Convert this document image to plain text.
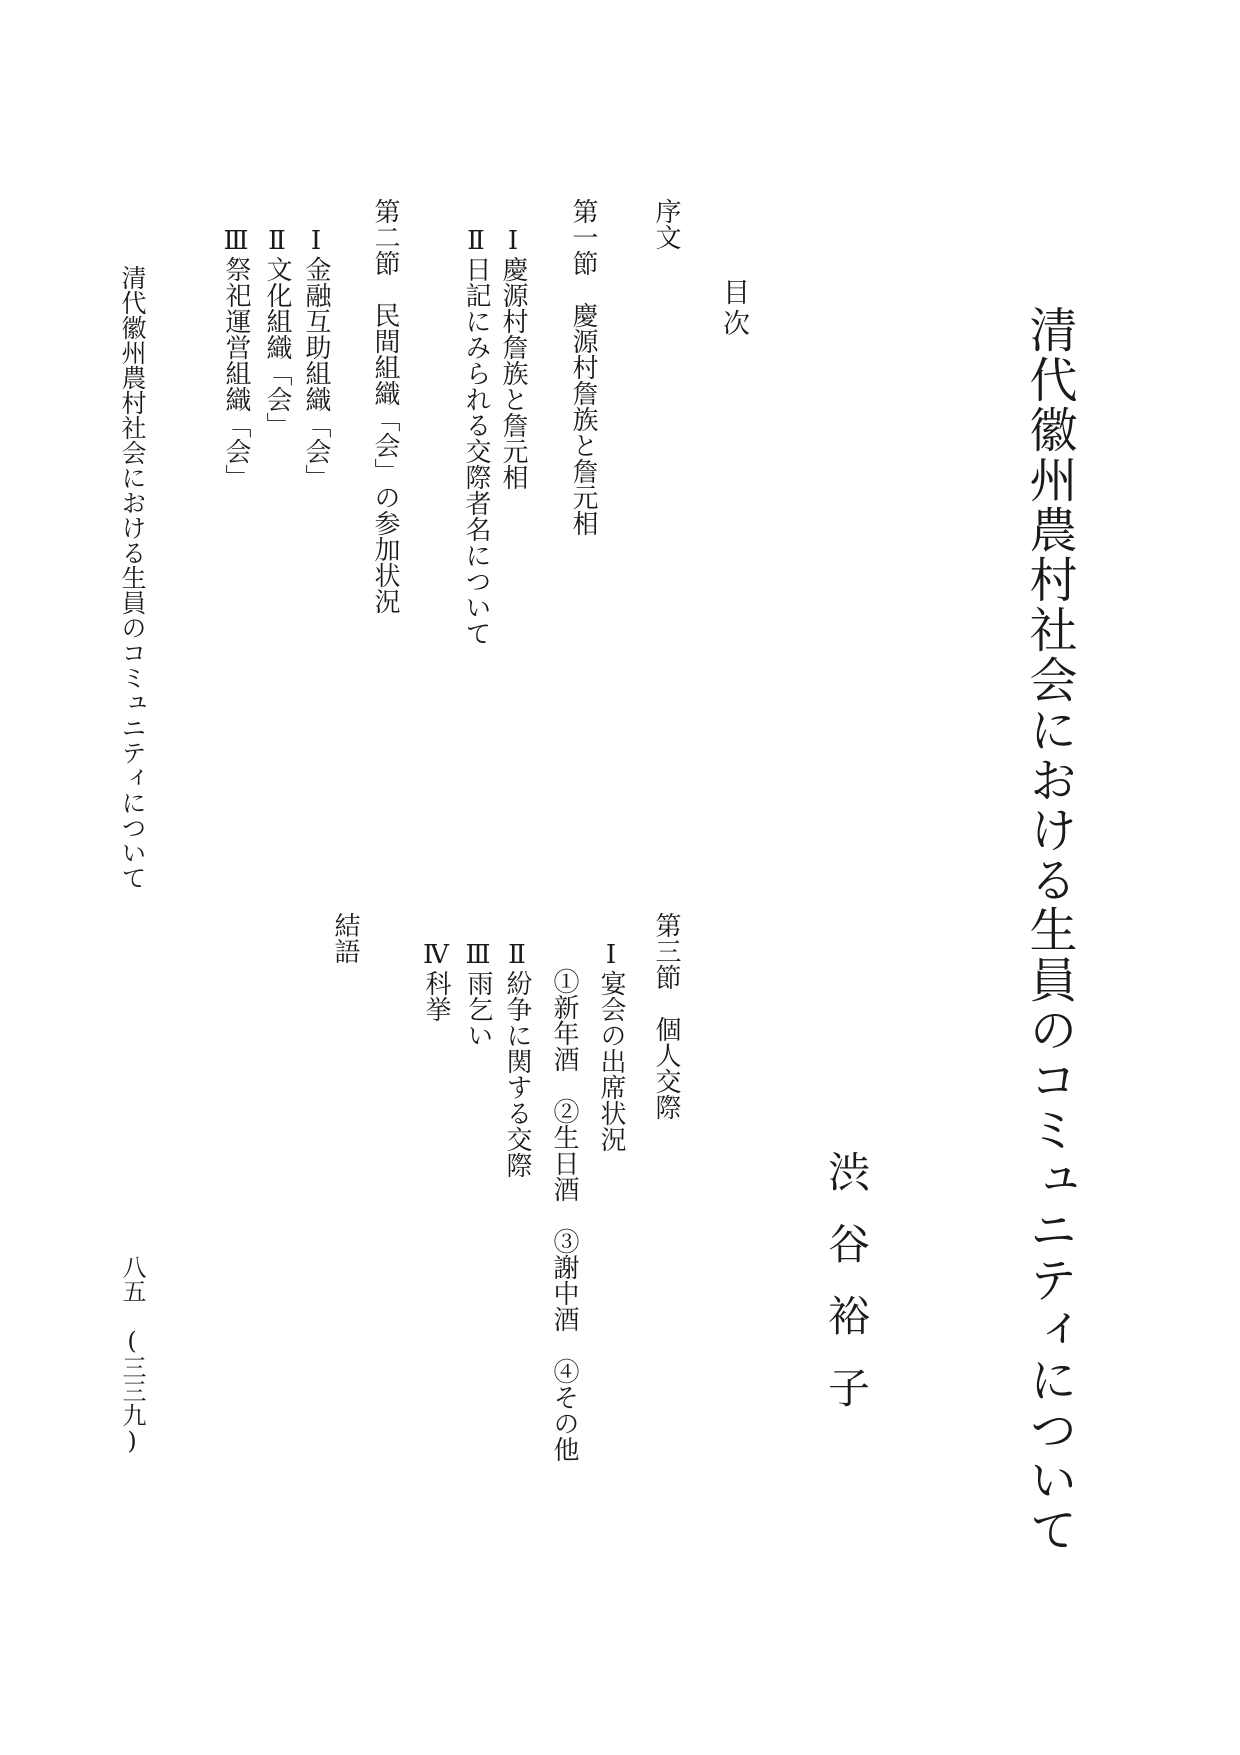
清代徽州農村社会における生員のコミュニティについて
渋谷裕子
目次
序文
第一節　慶源村詹族と詹元相
Ⅰ慶源村詹族と詹元相
Ⅱ日記にみられる交際者名について
第二節　民間組織「会」の参加状況
Ⅰ金融互助組織「会」
Ⅱ文化組織「会」
Ⅲ祭祀運営組織「会」
第三節　個人交際
Ⅰ宴会の出席状況
①新年酒　②生日酒　③謝中酒　④その他
Ⅱ紛争に関する交際
Ⅲ雨乞い
Ⅳ科挙
結語
清代徽州農村社会における生員のコミュニティについて
八五　(三三九)
